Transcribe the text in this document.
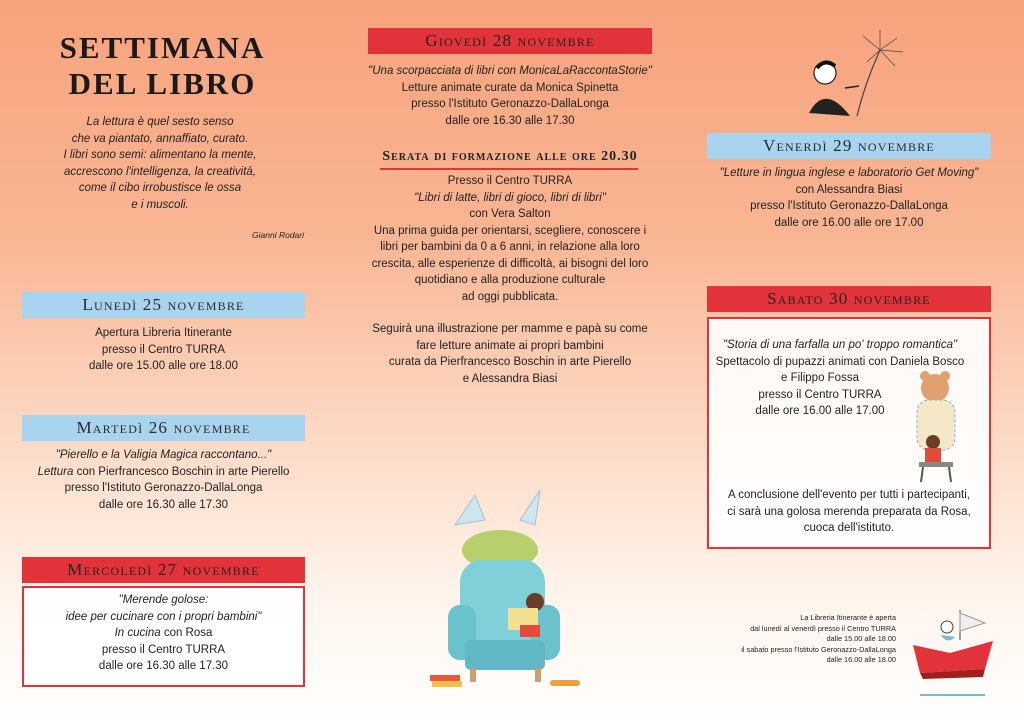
SETTIMANA
DEL LIBRO
La lettura è quel sesto senso
che va piantato, annaffiato, curato.
I libri sono semi: alimentano la mente,
accrescono l'intelligenza, la creatività,
come il cibo irrobustisce le ossa
e i muscoli.
Gianni Rodari
Lunedì 25 novembre
Apertura Libreria Itinerante
presso il Centro TURRA
dalle ore 15.00 alle ore 18.00
Martedì 26 novembre
"Pierello e la Valigia Magica raccontano..."
Lettura con Pierfrancesco Boschin in arte Pierello
presso l'Istituto Geronazzo-DallaLonga
dalle ore 16.30 alle 17.30
Mercoledì 27 novembre
"Merende golose:
idee per cucinare con i propri bambini"
In cucina con Rosa
presso il Centro TURRA
dalle ore 16.30 alle 17.30
Giovedì 28 novembre
"Una scorpacciata di libri con MonicaLaRaccontaStorie"
Letture animate curate da Monica Spinetta
presso l'Istituto Geronazzo-DallaLonga
dalle ore 16.30 alle 17.30
Serata di formazione alle ore 20.30
Presso il Centro TURRA
"Libri di latte, libri di gioco, libri di libri"
con Vera Salton
Una prima guida per orientarsi, scegliere, conoscere i
libri per bambini da 0 a 6 anni, in relazione alla loro
crescita, alle esperienze di difficoltà, ai bisogni del loro
quotidiano e alla produzione culturale
ad oggi pubblicata.
Seguirà una illustrazione per mamme e papà su come
fare letture animate ai propri bambini
curata da Pierfrancesco Boschin in arte Pierello
e Alessandra Biasi
Venerdì 29 novembre
"Letture in lingua inglese e laboratorio Get Moving"
con Alessandra Biasi
presso l'Istituto Geronazzo-DallaLonga
dalle ore 16.00 alle ore 17.00
Sabato 30 novembre
"Storia di una farfalla un po' troppo romantica"
Spettacolo di pupazzi animati con Daniela Bosco
e Filippo Fossa
presso il Centro TURRA
dalle ore 16.00 alle 17.00
A conclusione dell'evento per tutti i partecipanti,
ci sarà una golosa merenda preparata da Rosa,
cuoca dell'istituto.
La Libreria Itinerante è aperta
dal lunedì al venerdì presso il Centro TURRA
dalle 15.00 alle 18.00
il sabato presso l'Istituto Geronazzo-DallaLonga
dalle 16.00 alle 18.00
